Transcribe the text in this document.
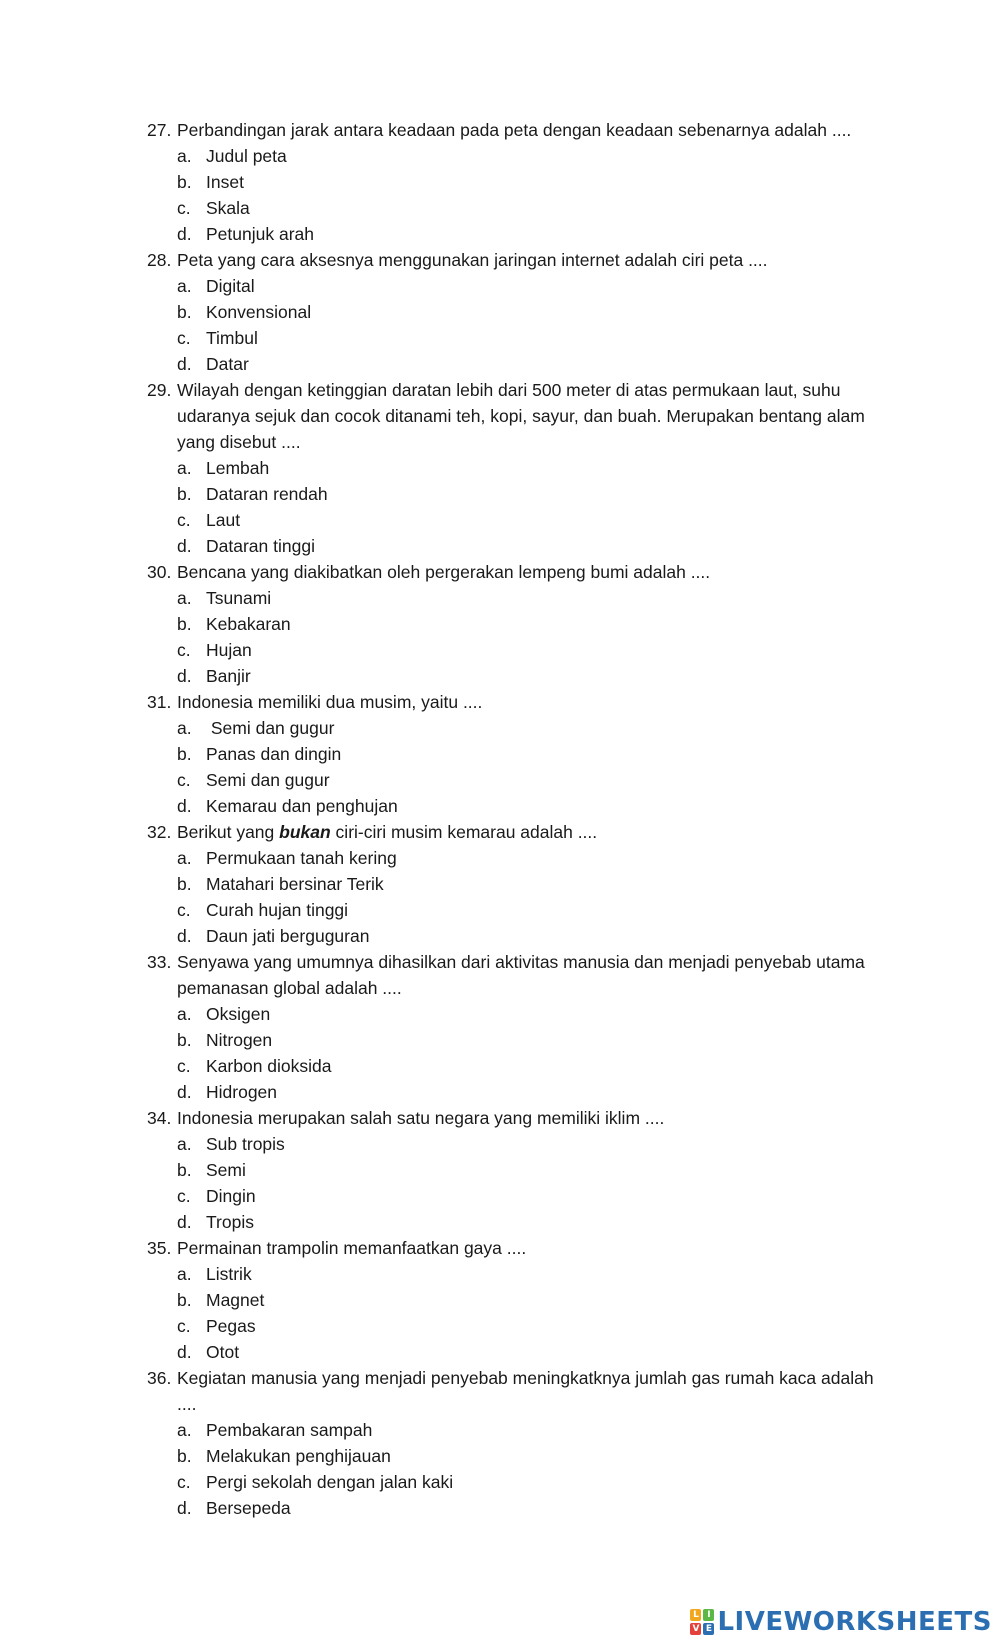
27. Perbandingan jarak antara keadaan pada peta dengan keadaan sebenarnya adalah ....
a. Judul peta
b. Inset
c. Skala
d. Petunjuk arah
28. Peta yang cara aksesnya menggunakan jaringan internet adalah ciri peta ....
a. Digital
b. Konvensional
c. Timbul
d. Datar
29. Wilayah dengan ketinggian daratan lebih dari 500 meter di atas permukaan laut, suhu
udaranya sejuk dan cocok ditanami teh, kopi, sayur, dan buah. Merupakan bentang alam
yang disebut ....
a. Lembah
b. Dataran rendah
c. Laut
d. Dataran tinggi
30. Bencana yang diakibatkan oleh pergerakan lempeng bumi adalah ....
a. Tsunami
b. Kebakaran
c. Hujan
d. Banjir
31. Indonesia memiliki dua musim, yaitu ....
a. Semi dan gugur
b. Panas dan dingin
c. Semi dan gugur
d. Kemarau dan penghujan
32. Berikut yang bukan ciri-ciri musim kemarau adalah ....
a. Permukaan tanah kering
b. Matahari bersinar Terik
c. Curah hujan tinggi
d. Daun jati berguguran
33. Senyawa yang umumnya dihasilkan dari aktivitas manusia dan menjadi penyebab utama
pemanasan global adalah ....
a. Oksigen
b. Nitrogen
c. Karbon dioksida
d. Hidrogen
34. Indonesia merupakan salah satu negara yang memiliki iklim ....
a. Sub tropis
b. Semi
c. Dingin
d. Tropis
35. Permainan trampolin memanfaatkan gaya ....
a. Listrik
b. Magnet
c. Pegas
d. Otot
36. Kegiatan manusia yang menjadi penyebab meningkatknya jumlah gas rumah kaca adalah
....
a. Pembakaran sampah
b. Melakukan penghijauan
c. Pergi sekolah dengan jalan kaki
d. Bersepeda
L I
V E LIVEWORKSHEETS
